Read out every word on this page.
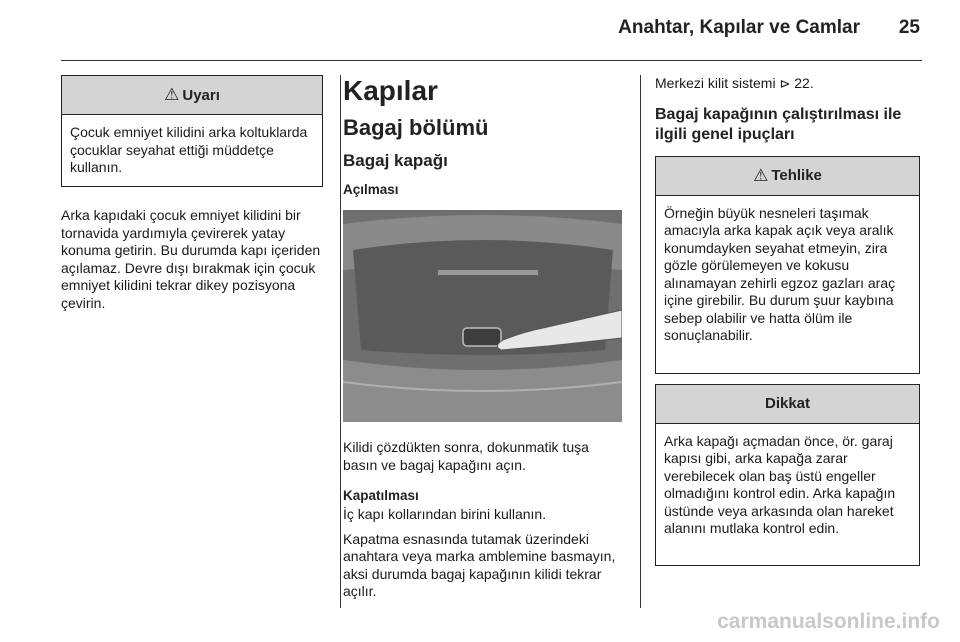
Anahtar, Kapılar ve Camlar	25
⚠ Uyarı
Çocuk emniyet kilidini arka koltuklarda çocuklar seyahat ettiği müddetçe kullanın.

Arka kapıdaki çocuk emniyet kilidini bir tornavida yardımıyla çevirerek yatay konuma getirin. Bu durumda kapı içeriden açılamaz. Devre dışı bırakmak için çocuk emniyet kilidini tekrar dikey pozisyona çevirin.

Kapılar
Bagaj bölümü
Bagaj kapağı
Açılması

Kilidi çözdükten sonra, dokunmatik tuşa basın ve bagaj kapağını açın.

Kapatılması

İç kapı kollarından birini kullanın.

Kapatma esnasında tutamak üzerindeki anahtara veya marka amblemine basmayın, aksi durumda bagaj kapağının kilidi tekrar açılır.

Merkezi kilit sistemi ⊳ 22.

Bagaj kapağının çalıştırılması ile ilgili genel ipuçları
⚠ Tehlike
Örneğin büyük nesneleri taşımak amacıyla arka kapak açık veya aralık konumdayken seyahat etmeyin, zira gözle görülemeyen ve kokusu alınamayan zehirli egzoz gazları araç içine girebilir. Bu durum şuur kaybına sebep olabilir ve hatta ölüm ile sonuçlanabilir.
Dikkat
Arka kapağı açmadan önce, ör. garaj kapısı gibi, arka kapağa zarar verebilecek olan baş üstü engeller olmadığını kontrol edin. Arka kapağın üstünde veya arkasında olan hareket alanını mutlaka kontrol edin.
carmanualsonline.info
